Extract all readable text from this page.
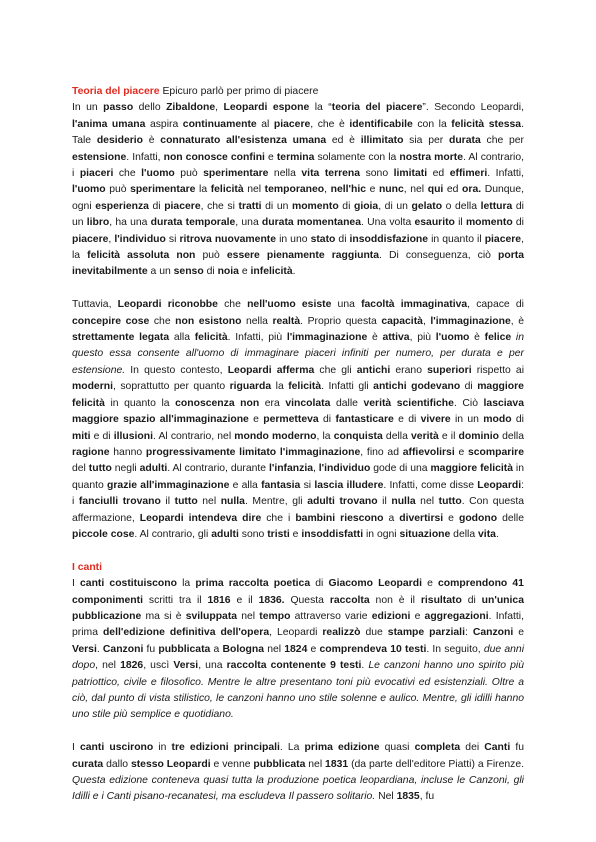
Teoria del piacere Epicuro parlò per primo di piacere

In un passo dello Zibaldone, Leopardi espone la “teoria del piacere”. Secondo Leopardi, l'anima umana aspira continuamente al piacere, che è identificabile con la felicità stessa. Tale desiderio è connaturato all'esistenza umana ed è illimitato sia per durata che per estensione. Infatti, non conosce confini e termina solamente con la nostra morte. Al contrario, i piaceri che l'uomo può sperimentare nella vita terrena sono limitati ed effimeri. Infatti, l'uomo può sperimentare la felicità nel temporaneo, nell'hic e nunc, nel qui ed ora. Dunque, ogni esperienza di piacere, che si tratti di un momento di gioia, di un gelato o della lettura di un libro, ha una durata temporale, una durata momentanea. Una volta esaurito il momento di piacere, l'individuo si ritrova nuovamente in uno stato di insoddisfazione in quanto il piacere, la felicità assoluta non può essere pienamente raggiunta. Di conseguenza, ciò porta inevitabilmente a un senso di noia e infelicità.

Tuttavia, Leopardi riconobbe che nell'uomo esiste una facoltà immaginativa, capace di concepire cose che non esistono nella realtà. Proprio questa capacità, l'immaginazione, è strettamente legata alla felicità. Infatti, più l'immaginazione è attiva, più l'uomo è felice in questo essa consente all'uomo di immaginare piaceri infiniti per numero, per durata e per estensione. In questo contesto, Leopardi afferma che gli antichi erano superiori rispetto ai moderni, soprattutto per quanto riguarda la felicità. Infatti gli antichi godevano di maggiore felicità in quanto la conoscenza non era vincolata dalle verità scientifiche. Ciò lasciava maggiore spazio all'immaginazione e permetteva di fantasticare e di vivere in un modo di miti e di illusioni. Al contrario, nel mondo moderno, la conquista della verità e il dominio della ragione hanno progressivamente limitato l'immaginazione, fino ad affievolirsi e scomparire del tutto negli adulti. Al contrario, durante l'infanzia, l'individuo gode di una maggiore felicità in quanto grazie all'immaginazione e alla fantasia si lascia illudere. Infatti, come disse Leopardi: i fanciulli trovano il tutto nel nulla. Mentre, gli adulti trovano il nulla nel tutto. Con questa affermazione, Leopardi intendeva dire che i bambini riescono a divertirsi e godono delle piccole cose. Al contrario, gli adulti sono tristi e insoddisfatti in ogni situazione della vita.

I canti

I canti costituiscono la prima raccolta poetica di Giacomo Leopardi e comprendono 41 componimenti scritti tra il 1816 e il 1836. Questa raccolta non è il risultato di un'unica pubblicazione ma si è sviluppata nel tempo attraverso varie edizioni e aggregazioni. Infatti, prima dell'edizione definitiva dell'opera, Leopardi realizzò due stampe parziali: Canzoni e Versi. Canzoni fu pubblicata a Bologna nel 1824 e comprendeva 10 testi. In seguito, due anni dopo, nel 1826, uscì Versi, una raccolta contenente 9 testi. Le canzoni hanno uno spirito più patriottico, civile e filosofico. Mentre le altre presentano toni più evocativi ed esistenziali. Oltre a ciò, dal punto di vista stilistico, le canzoni hanno uno stile solenne e aulico. Mentre, gli idilli hanno uno stile più semplice e quotidiano.

I canti uscirono in tre edizioni principali. La prima edizione quasi completa dei Canti fu curata dallo stesso Leopardi e venne pubblicata nel 1831 (da parte dell'editore Piatti) a Firenze. Questa edizione conteneva quasi tutta la produzione poetica leopardiana, incluse le Canzoni, gli Idilli e i Canti pisano-recanatesi, ma escludeva Il passero solitario. Nel 1835, fu
